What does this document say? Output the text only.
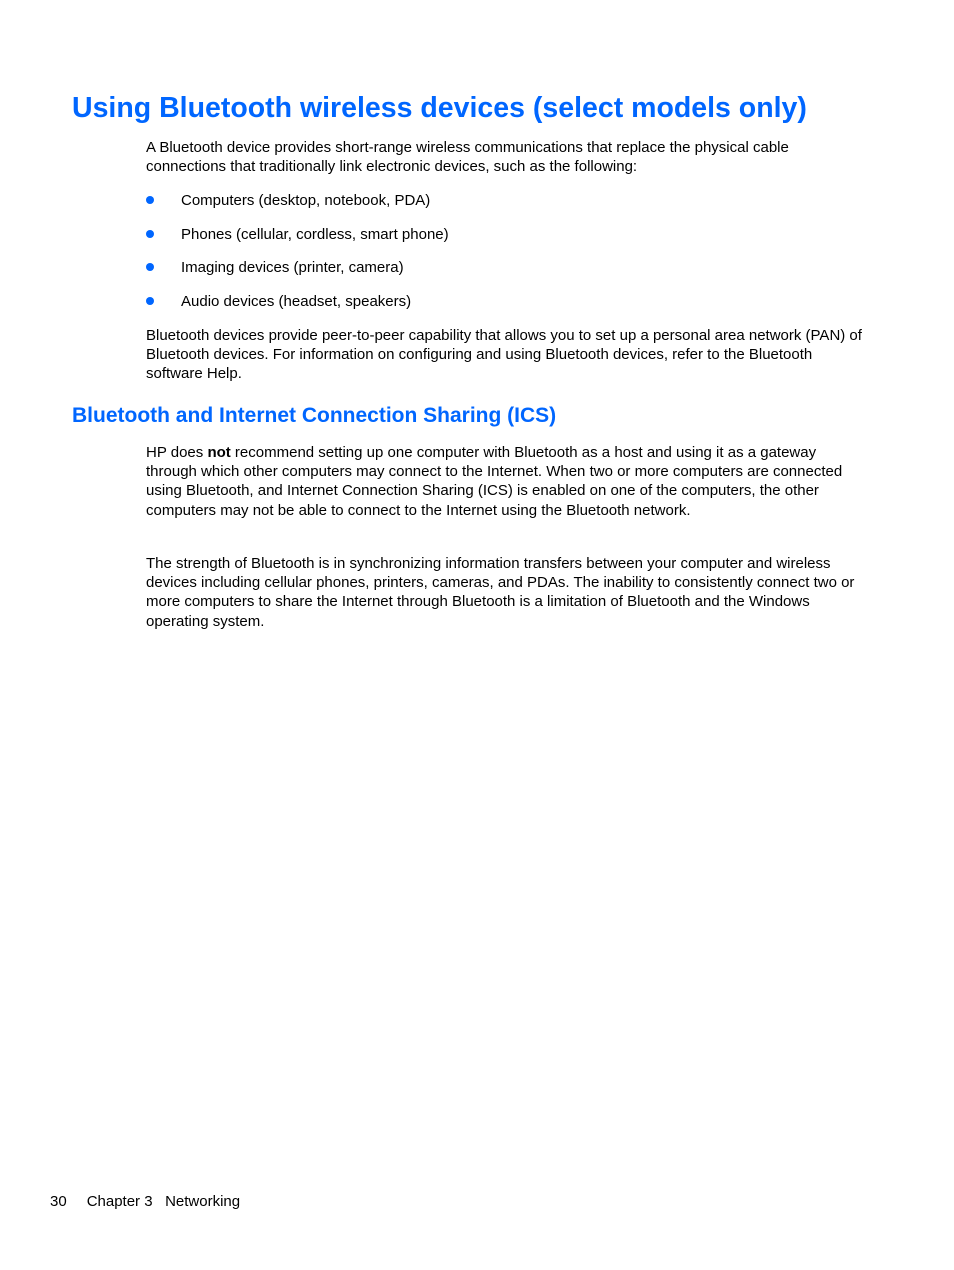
Using Bluetooth wireless devices (select models only)

A Bluetooth device provides short-range wireless communications that replace the physical cable connections that traditionally link electronic devices, such as the following:

Computers (desktop, notebook, PDA)
Phones (cellular, cordless, smart phone)
Imaging devices (printer, camera)
Audio devices (headset, speakers)

Bluetooth devices provide peer-to-peer capability that allows you to set up a personal area network (PAN) of Bluetooth devices. For information on configuring and using Bluetooth devices, refer to the Bluetooth software Help.

Bluetooth and Internet Connection Sharing (ICS)

HP does not recommend setting up one computer with Bluetooth as a host and using it as a gateway through which other computers may connect to the Internet. When two or more computers are connected using Bluetooth, and Internet Connection Sharing (ICS) is enabled on one of the computers, the other computers may not be able to connect to the Internet using the Bluetooth network.

The strength of Bluetooth is in synchronizing information transfers between your computer and wireless devices including cellular phones, printers, cameras, and PDAs. The inability to consistently connect two or more computers to share the Internet through Bluetooth is a limitation of Bluetooth and the Windows operating system.

30 Chapter 3   Networking
